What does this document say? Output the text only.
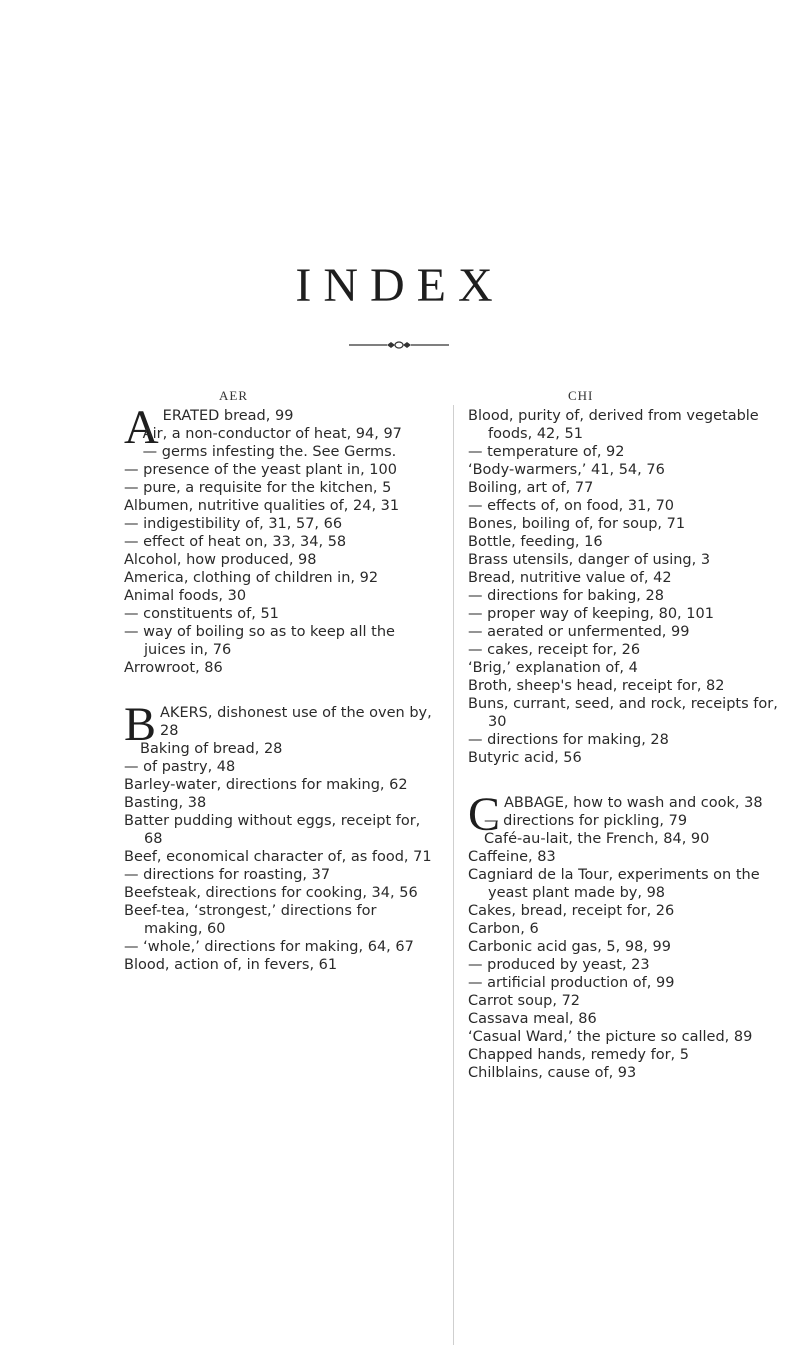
INDEX
AER	CHI
A ERATED bread, 99
Air, a non-conductor of heat, 94, 97
— germs infesting the. See Germs.
— presence of the yeast plant in, 100
— pure, a requisite for the kitchen, 5
Albumen, nutritive qualities of, 24, 31
— indigestibility of, 31, 57, 66
— effect of heat on, 33, 34, 58
Alcohol, how produced, 98
America, clothing of children in, 92
Animal foods, 30
— constituents of, 51
— way of boiling so as to keep all the juices in, 76
Arrowroot, 86
B AKERS, dishonest use of the oven by, 28
Baking of bread, 28
— of pastry, 48
Barley-water, directions for making, 62
Basting, 38
Batter pudding without eggs, receipt for, 68
Beef, economical character of, as food, 71
— directions for roasting, 37
Beefsteak, directions for cooking, 34, 56
Beef-tea, ‘strongest,’ directions for making, 60
— ‘whole,’ directions for making, 64, 67
Blood, action of, in fevers, 61
Blood, purity of, derived from vegetable foods, 42, 51
— temperature of, 92
‘Body-warmers,’ 41, 54, 76
Boiling, art of, 77
— effects of, on food, 31, 70
Bones, boiling of, for soup, 71
Bottle, feeding, 16
Brass utensils, danger of using, 3
Bread, nutritive value of, 42
— directions for baking, 28
— proper way of keeping, 80, 101
— aerated or unfermented, 99
— cakes, receipt for, 26
‘Brig,’ explanation of, 4
Broth, sheep's head, receipt for, 82
Buns, currant, seed, and rock, receipts for, 30
— directions for making, 28
Butyric acid, 56
C ABBAGE, how to wash and cook, 38
— directions for pickling, 79
Café-au-lait, the French, 84, 90
Caffeine, 83
Cagniard de la Tour, experiments on the yeast plant made by, 98
Cakes, bread, receipt for, 26
Carbon, 6
Carbonic acid gas, 5, 98, 99
— produced by yeast, 23
— artificial production of, 99
Carrot soup, 72
Cassava meal, 86
‘Casual Ward,’ the picture so called, 89
Chapped hands, remedy for, 5
Chilblains, cause of, 93
